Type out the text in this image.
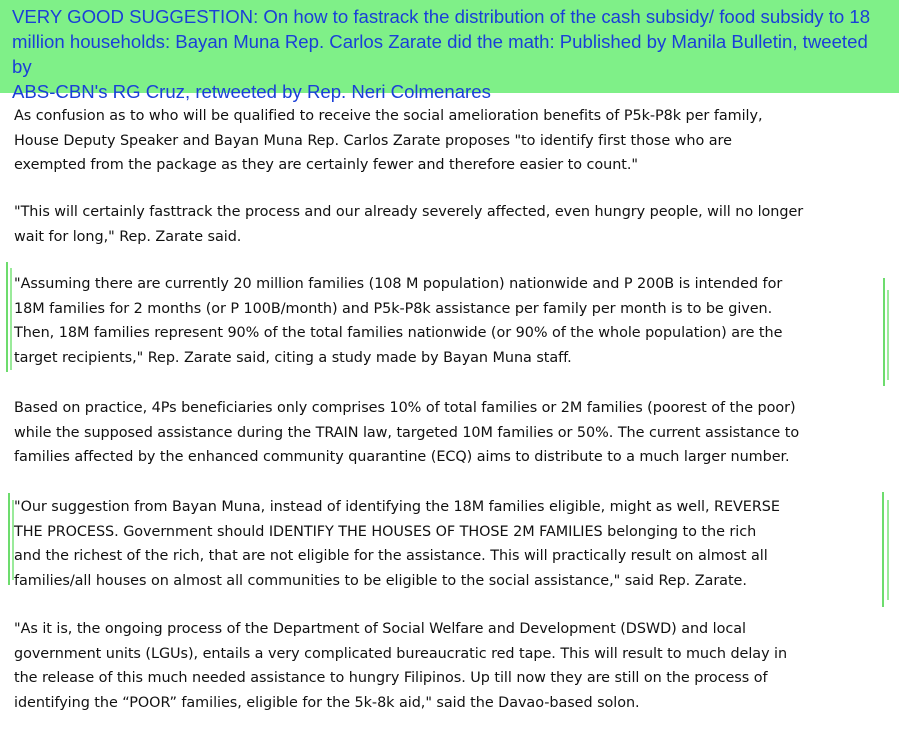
VERY GOOD SUGGESTION: On how to fastrack the distribution of the cash subsidy/ food subsidy to 18
million households: Bayan Muna Rep. Carlos Zarate did the math: Published by Manila Bulletin, tweeted by
ABS-CBN's RG Cruz, retweeted by Rep. Neri Colmenares

As confusion as to who will be qualified to receive the social amelioration benefits of P5k-P8k per family,
House Deputy Speaker and Bayan Muna Rep. Carlos Zarate proposes "to identify first those who are
exempted from the package as they are certainly fewer and therefore easier to count."

"This will certainly fasttrack the process and our already severely affected, even hungry people, will no longer
wait for long," Rep. Zarate said.

"Assuming there are currently 20 million families (108 M population) nationwide and P 200B is intended for
18M families for 2 months (or P 100B/month) and P5k-P8k assistance per family per month is to be given.
Then, 18M families represent 90% of the total families nationwide (or 90% of the whole population) are the
target recipients," Rep. Zarate said, citing a study made by Bayan Muna staff.

Based on practice, 4Ps beneficiaries only comprises 10% of total families or 2M families (poorest of the poor)
while the supposed assistance during the TRAIN law, targeted 10M families or 50%. The current assistance to
families affected by the enhanced community quarantine (ECQ) aims to distribute to a much larger number.

"Our suggestion from Bayan Muna, instead of identifying the 18M families eligible, might as well, REVERSE
THE PROCESS. Government should IDENTIFY THE HOUSES OF THOSE 2M FAMILIES belonging to the rich
and the richest of the rich, that are not eligible for the assistance. This will practically result on almost all
families/all houses on almost all communities to be eligible to the social assistance," said Rep. Zarate.

"As it is, the ongoing process of the Department of Social Welfare and Development (DSWD) and local
government units (LGUs), entails a very complicated bureaucratic red tape. This will result to much delay in
the release of this much needed assistance to hungry Filipinos. Up till now they are still on the process of
identifying the “POOR” families, eligible for the 5k-8k aid," said the Davao-based solon.
